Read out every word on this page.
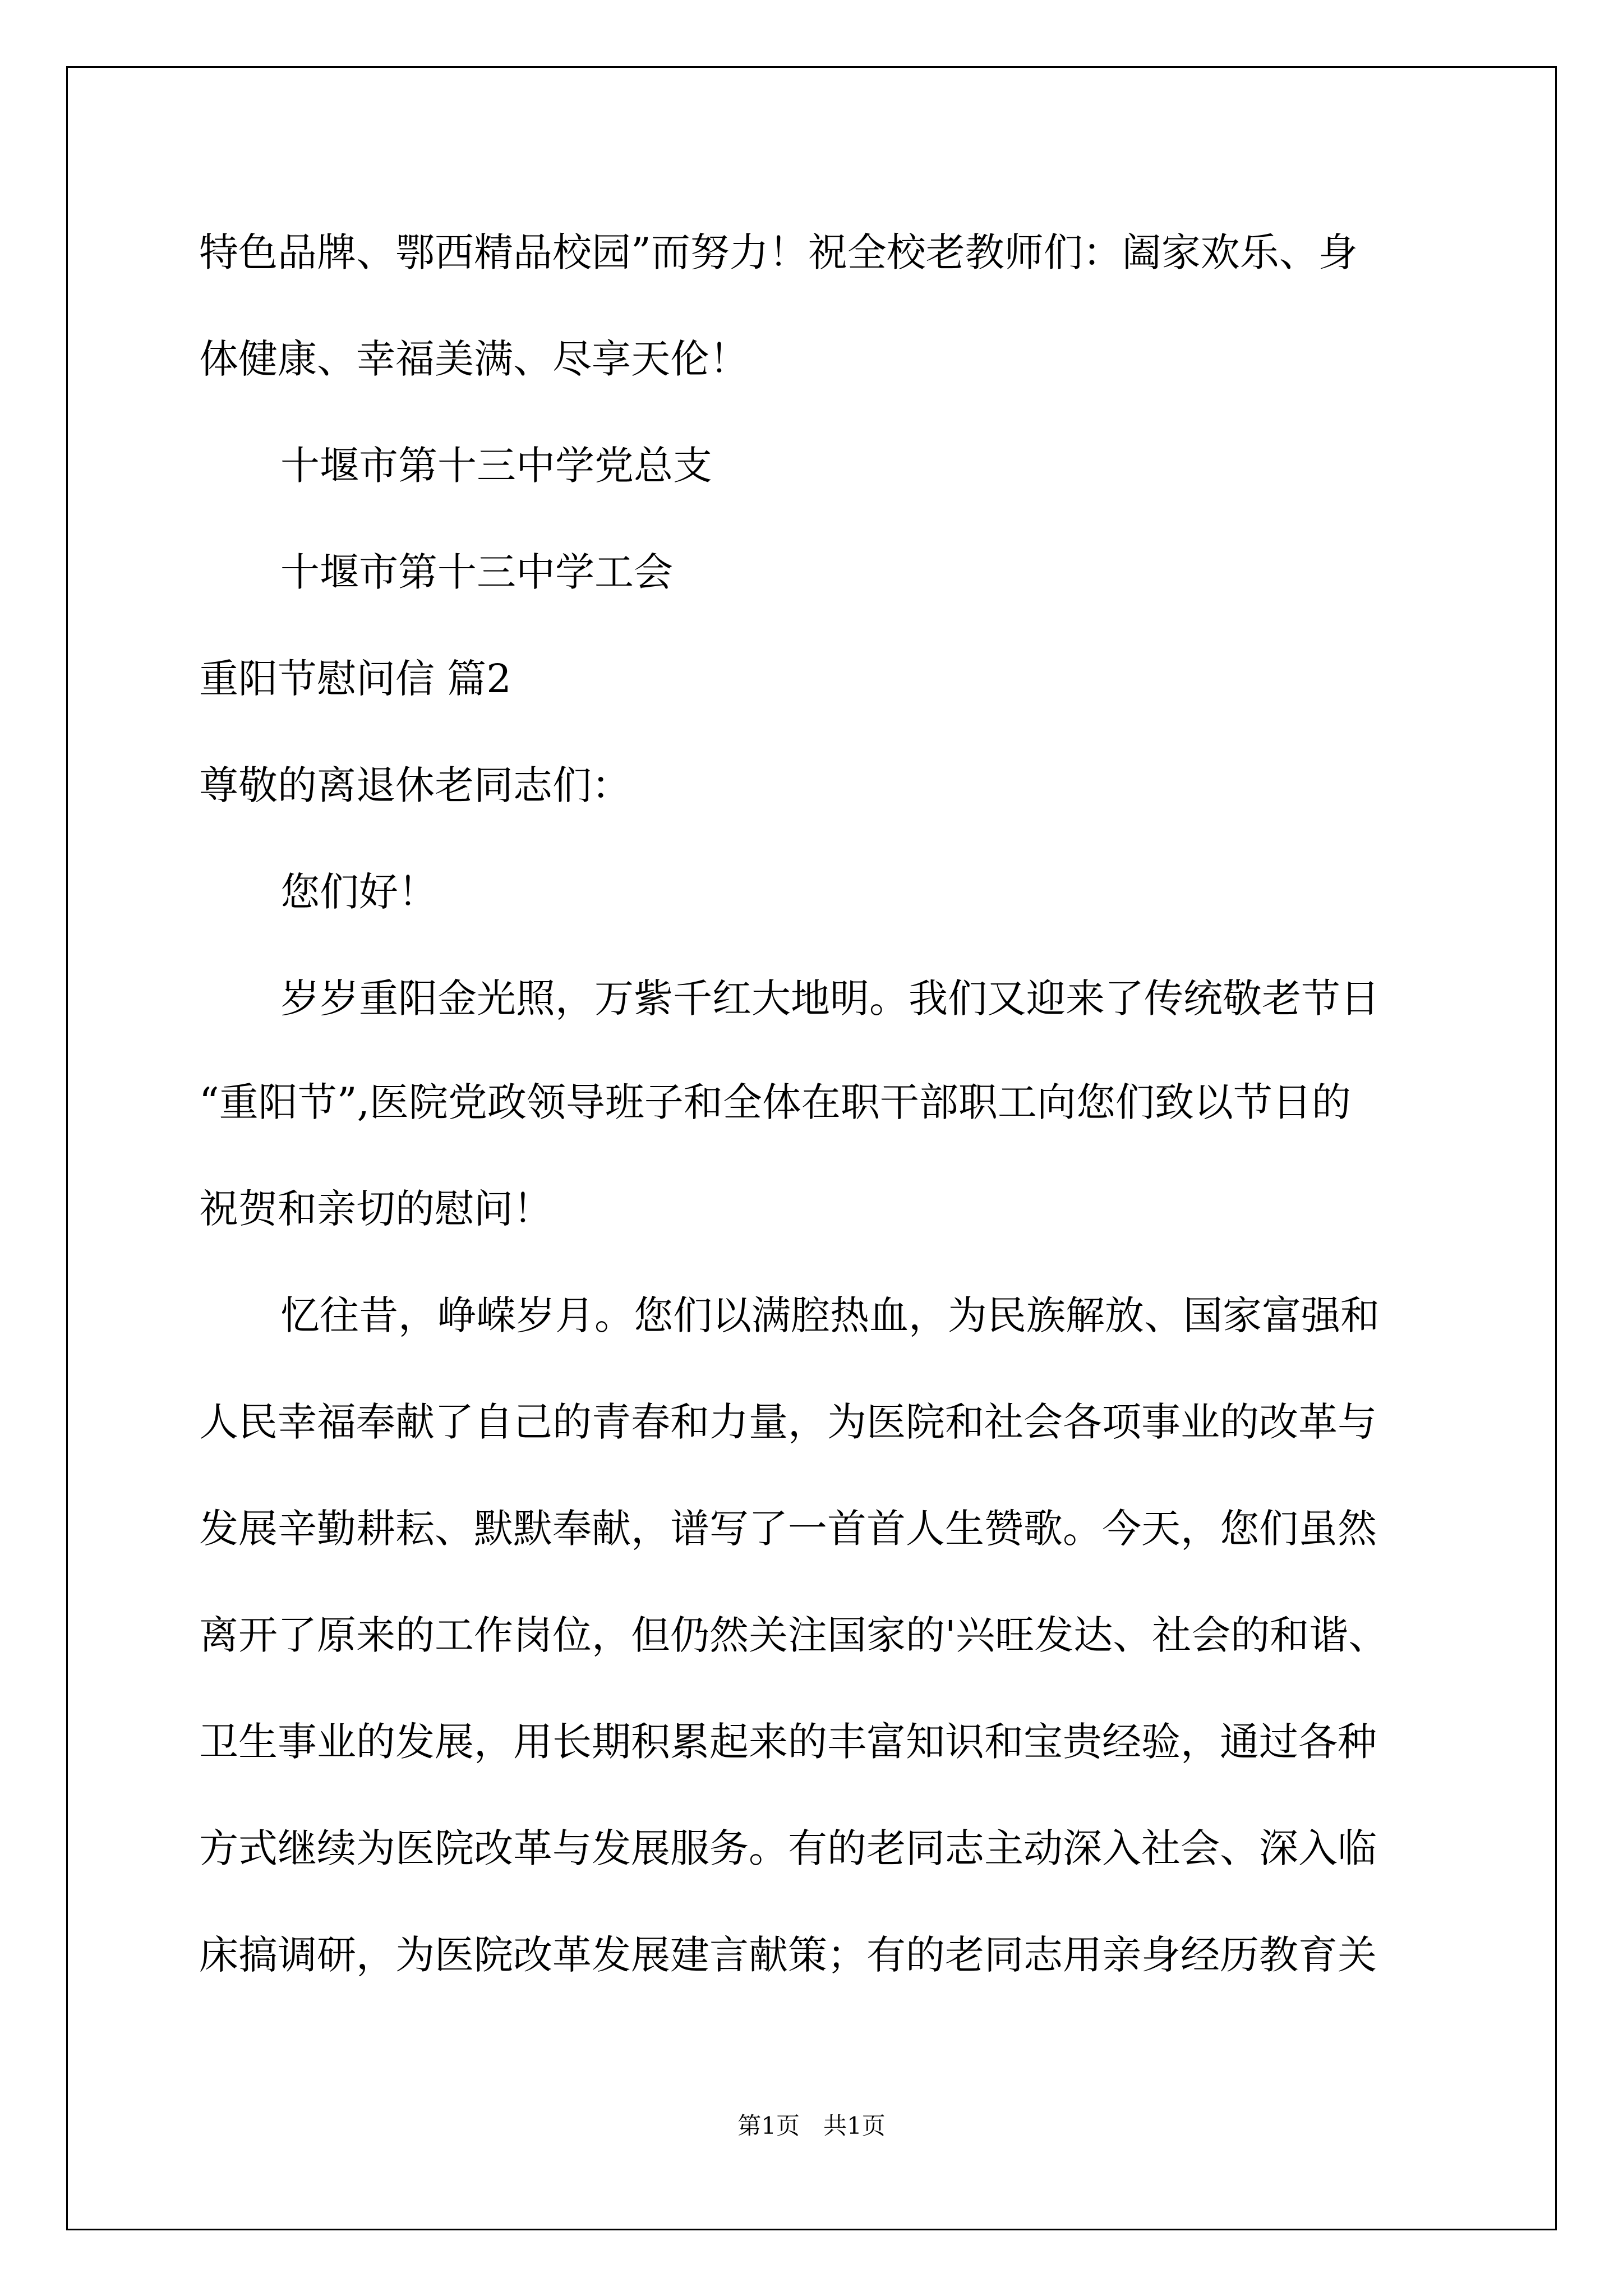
特色品牌、鄂西精品校园”而努力！祝全校老教师们：阖家欢乐、身
体健康、幸福美满、尽享天伦！
十堰市第十三中学党总支
十堰市第十三中学工会
重阳节慰问信 篇2
尊敬的离退休老同志们：
您们好！
岁岁重阳金光照，万紫千红大地明。我们又迎来了传统敬老节日
“重阳节”,医院党政领导班子和全体在职干部职工向您们致以节日的
祝贺和亲切的慰问！
忆往昔，峥嵘岁月。您们以满腔热血，为民族解放、国家富强和
人民幸福奉献了自己的青春和力量，为医院和社会各项事业的改革与
发展辛勤耕耘、默默奉献，谱写了一首首人生赞歌。今天，您们虽然
离开了原来的工作岗位，但仍然关注国家的'兴旺发达、社会的和谐、
卫生事业的发展，用长期积累起来的丰富知识和宝贵经验，通过各种
方式继续为医院改革与发展服务。有的老同志主动深入社会、深入临
床搞调研，为医院改革发展建言献策；有的老同志用亲身经历教育关
第1页　共1页
